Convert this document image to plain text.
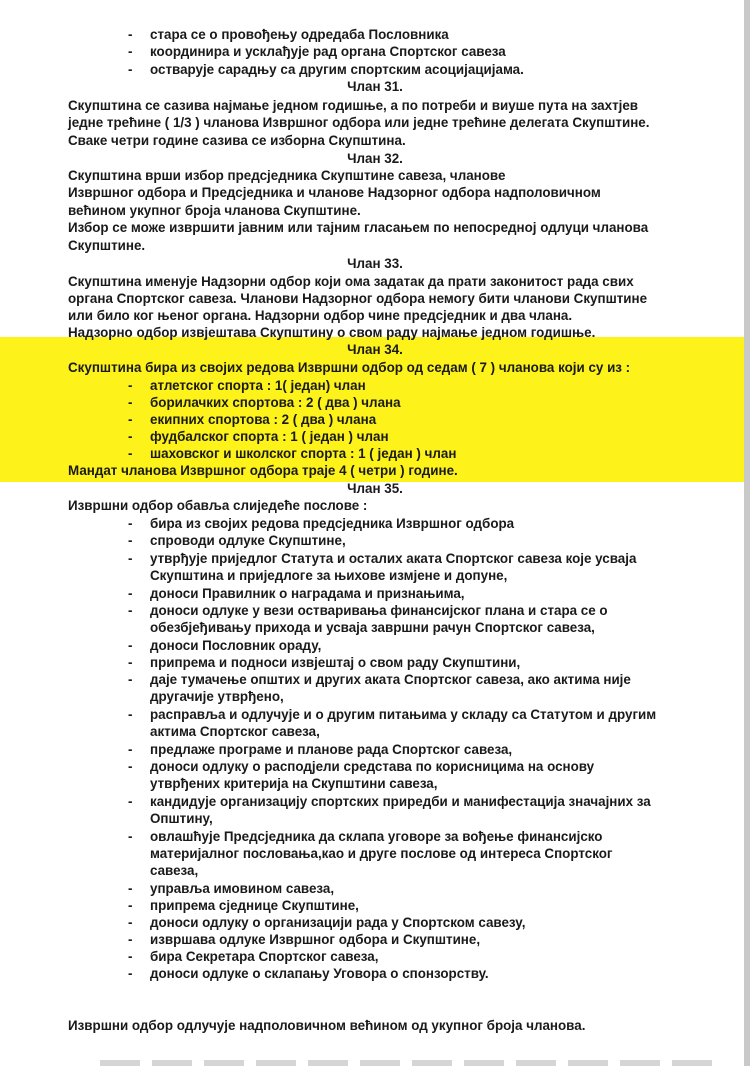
- стара се о провођењу одредаба Пословника
- координира и усклађује рад органа Спортског савеза
- остварује сарадњу са другим спортским асоцијацијама.
Члан 31.
Скупштина се сазива најмање једном годишње, а по потреби и виуше пута на захтјев
једне трећине ( 1/3 ) чланова Извршног одбора или једне трећине делегата Скупштине.
Сваке четри године сазива се изборна Скупштина.
Члан 32.
Скупштина врши избор предсједника Скупштине савеза, чланове
Извршног одбора и Предсједника и чланове Надзорног одбора надполовичном
већином укупног броја чланова Скупштине.
Избор се може извршити јавним или тајним гласањем по непосредној одлуци чланова
Скупштине.
Члан 33.
Скупштина именује Надзорни одбор који ома задатак да прати законитост рада свих
органа Спортског савеза. Чланови Надзорног одбора немогу бити чланови Скупштине
или било ког њеног органа. Надзорни одбор чине предсједник и два члана.
Надзорно одбор извјештава Скупштину о свом раду најмање једном годишње.
Члан 34.
Скупштина бира из својих редова Извршни одбор од седам ( 7 ) чланова који су из :
- атлетског спорта : 1( један) члан
- борилачких спортова : 2 ( два ) члана
- екипних спортова : 2 ( два ) члана
- фудбалског спорта : 1 ( један ) члан
- шаховског и школског спорта : 1 ( један ) члан
Мандат чланова Извршног одбора траје 4 ( четри ) године.
Члан 35.
Извршни одбор обавља слиједеће послове :
- бира из својих редова предсједника Извршног одбора
- спроводи одлуке Скупштине,
- утврђује приједлог Статута и осталих аката Спортског савеза које усваја
Скупштина и приједлоге за њихове измјене и допуне,
- доноси Правилник о наградама и признањима,
- доноси одлуке у вези остваривања финансијског плана и стара се о
обезбјеђивању прихода и усваја завршни рачун Спортског савеза,
- доноси Пословник ораду,
- припрема и подноси извјештај о свом раду Скупштини,
- даје тумачење општих и других аката Спортског савеза, ако актима није
другачије утврђено,
- расправља и одлучује и о другим питањима у складу са Статутом и другим
актима Спортског савеза,
- предлаже програме и планове рада Спортског савеза,
- доноси одлуку о расподјели средстава по корисницима на основу
утврђених критерија на Скупштини савеза,
- кандидује организацију спортских приредби и манифестација значајних за
Општину,
- овлашћује Предсједника да склапа уговоре за вођење финансијско
материјалног пословања,као и друге послове од интереса Спортског
савеза,
- управља имовином савеза,
- припрема сједнице Скупштине,
- доноси одлуку о организацији рада у Спортском савезу,
- извршава одлуке Извршног одбора и Скупштине,
- бира Секретара Спортског савеза,
- доноси одлуке о склапању Уговора о спонзорству.
Извршни одбор одлучује надполовичном већином од укупног броја чланова.
